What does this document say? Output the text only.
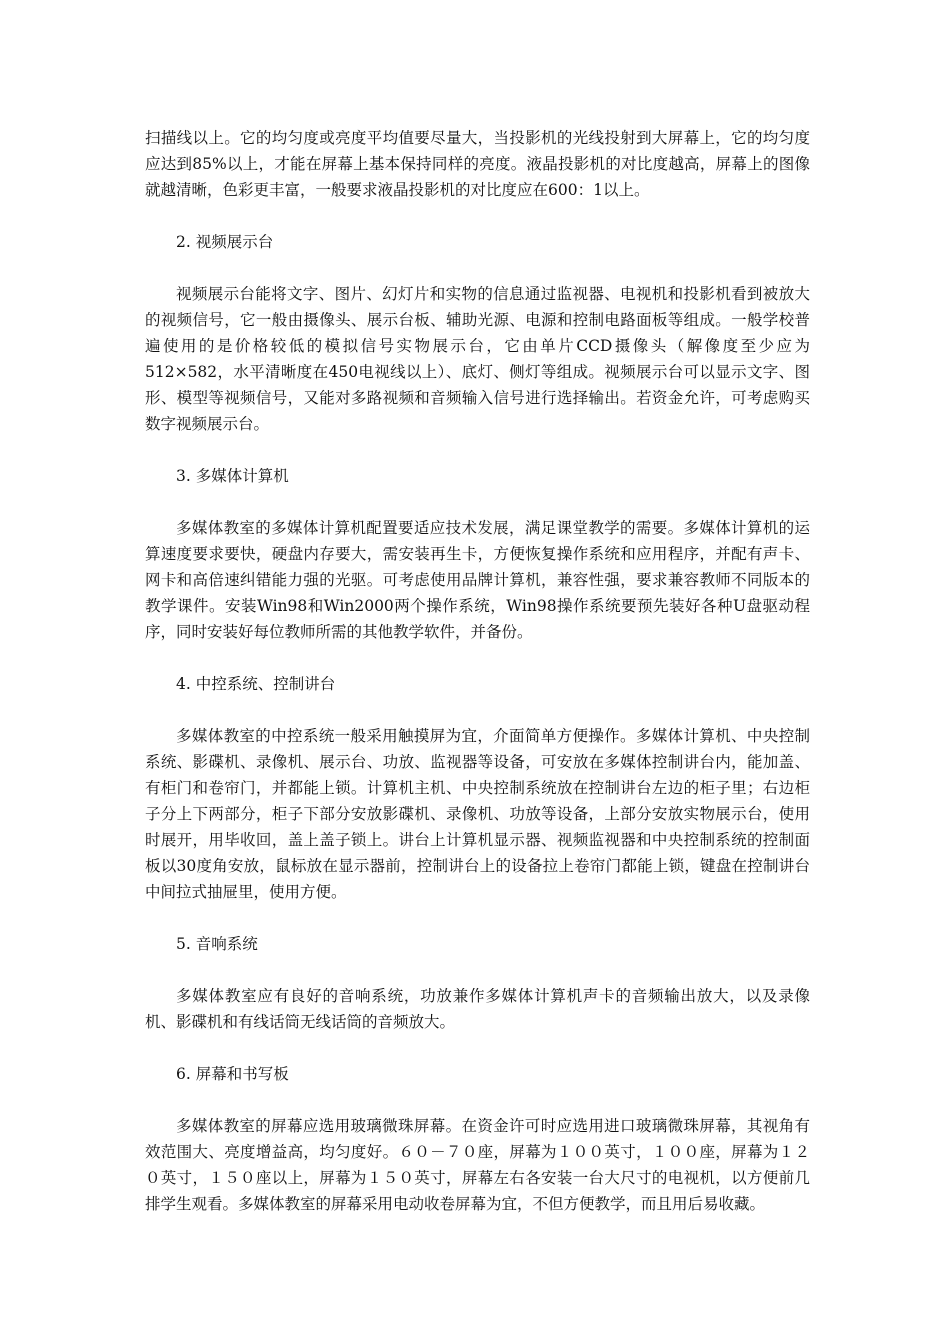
扫描线以上。它的均匀度或亮度平均值要尽量大，当投影机的光线投射到大屏幕上，它的均匀度应达到85%以上，才能在屏幕上基本保持同样的亮度。液晶投影机的对比度越高，屏幕上的图像就越清晰，色彩更丰富，一般要求液晶投影机的对比度应在600：1以上。

2. 视频展示台

视频展示台能将文字、图片、幻灯片和实物的信息通过监视器、电视机和投影机看到被放大的视频信号，它一般由摄像头、展示台板、辅助光源、电源和控制电路面板等组成。一般学校普遍使用的是价格较低的模拟信号实物展示台，它由单片CCD摄像头（解像度至少应为512×582，水平清晰度在450电视线以上）、底灯、侧灯等组成。视频展示台可以显示文字、图形、模型等视频信号，又能对多路视频和音频输入信号进行选择输出。若资金允许，可考虑购买数字视频展示台。

3. 多媒体计算机

多媒体教室的多媒体计算机配置要适应技术发展，满足课堂教学的需要。多媒体计算机的运算速度要求要快，硬盘内存要大，需安装再生卡，方便恢复操作系统和应用程序，并配有声卡、网卡和高倍速纠错能力强的光驱。可考虑使用品牌计算机，兼容性强，要求兼容教师不同版本的教学课件。安装Win98和Win2000两个操作系统，Win98操作系统要预先装好各种U盘驱动程序，同时安装好每位教师所需的其他教学软件，并备份。

4. 中控系统、控制讲台

多媒体教室的中控系统一般采用触摸屏为宜，介面简单方便操作。多媒体计算机、中央控制系统、影碟机、录像机、展示台、功放、监视器等设备，可安放在多媒体控制讲台内，能加盖、有柜门和卷帘门，并都能上锁。计算机主机、中央控制系统放在控制讲台左边的柜子里；右边柜子分上下两部分，柜子下部分安放影碟机、录像机、功放等设备，上部分安放实物展示台，使用时展开，用毕收回，盖上盖子锁上。讲台上计算机显示器、视频监视器和中央控制系统的控制面板以30度角安放，鼠标放在显示器前，控制讲台上的设备拉上卷帘门都能上锁，键盘在控制讲台中间拉式抽屉里，使用方便。

5. 音响系统

多媒体教室应有良好的音响系统，功放兼作多媒体计算机声卡的音频输出放大，以及录像机、影碟机和有线话筒无线话筒的音频放大。

6. 屏幕和书写板

多媒体教室的屏幕应选用玻璃微珠屏幕。在资金许可时应选用进口玻璃微珠屏幕，其视角有效范围大、亮度增益高，均匀度好。６０－７０座，屏幕为１００英寸，１００座，屏幕为１２０英寸，１５０座以上，屏幕为１５０英寸，屏幕左右各安装一台大尺寸的电视机，以方便前几排学生观看。多媒体教室的屏幕采用电动收卷屏幕为宜，不但方便教学，而且用后易收藏。
